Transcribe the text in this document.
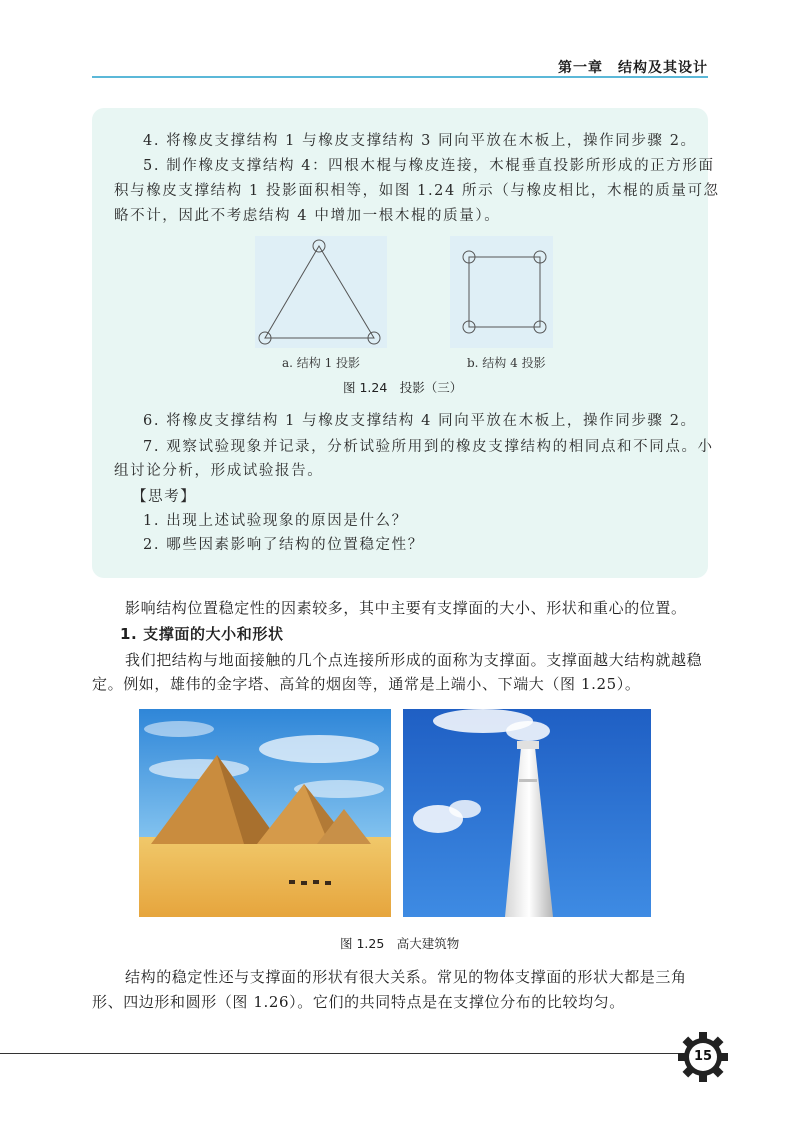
第一章　结构及其设计
4. 将橡皮支撑结构 1 与橡皮支撑结构 3 同向平放在木板上，操作同步骤 2。
5. 制作橡皮支撑结构 4：四根木棍与橡皮连接，木棍垂直投影所形成的正方形面
积与橡皮支撑结构 1 投影面积相等，如图 1.24 所示（与橡皮相比，木棍的质量可忽
略不计，因此不考虑结构 4 中增加一根木棍的质量）。
a. 结构 1 投影	b. 结构 4 投影
图 1.24　投影（三）
6. 将橡皮支撑结构 1 与橡皮支撑结构 4 同向平放在木板上，操作同步骤 2。
7. 观察试验现象并记录，分析试验所用到的橡皮支撑结构的相同点和不同点。小
组讨论分析，形成试验报告。
【思考】
1. 出现上述试验现象的原因是什么？
2. 哪些因素影响了结构的位置稳定性？
影响结构位置稳定性的因素较多，其中主要有支撑面的大小、形状和重心的位置。
1. 支撑面的大小和形状
我们把结构与地面接触的几个点连接所形成的面称为支撑面。支撑面越大结构就越稳
定。例如，雄伟的金字塔、高耸的烟囱等，通常是上端小、下端大（图 1.25）。
图 1.25　高大建筑物
结构的稳定性还与支撑面的形状有很大关系。常见的物体支撑面的形状大都是三角
形、四边形和圆形（图 1.26）。它们的共同特点是在支撑位分布的比较均匀。
15
